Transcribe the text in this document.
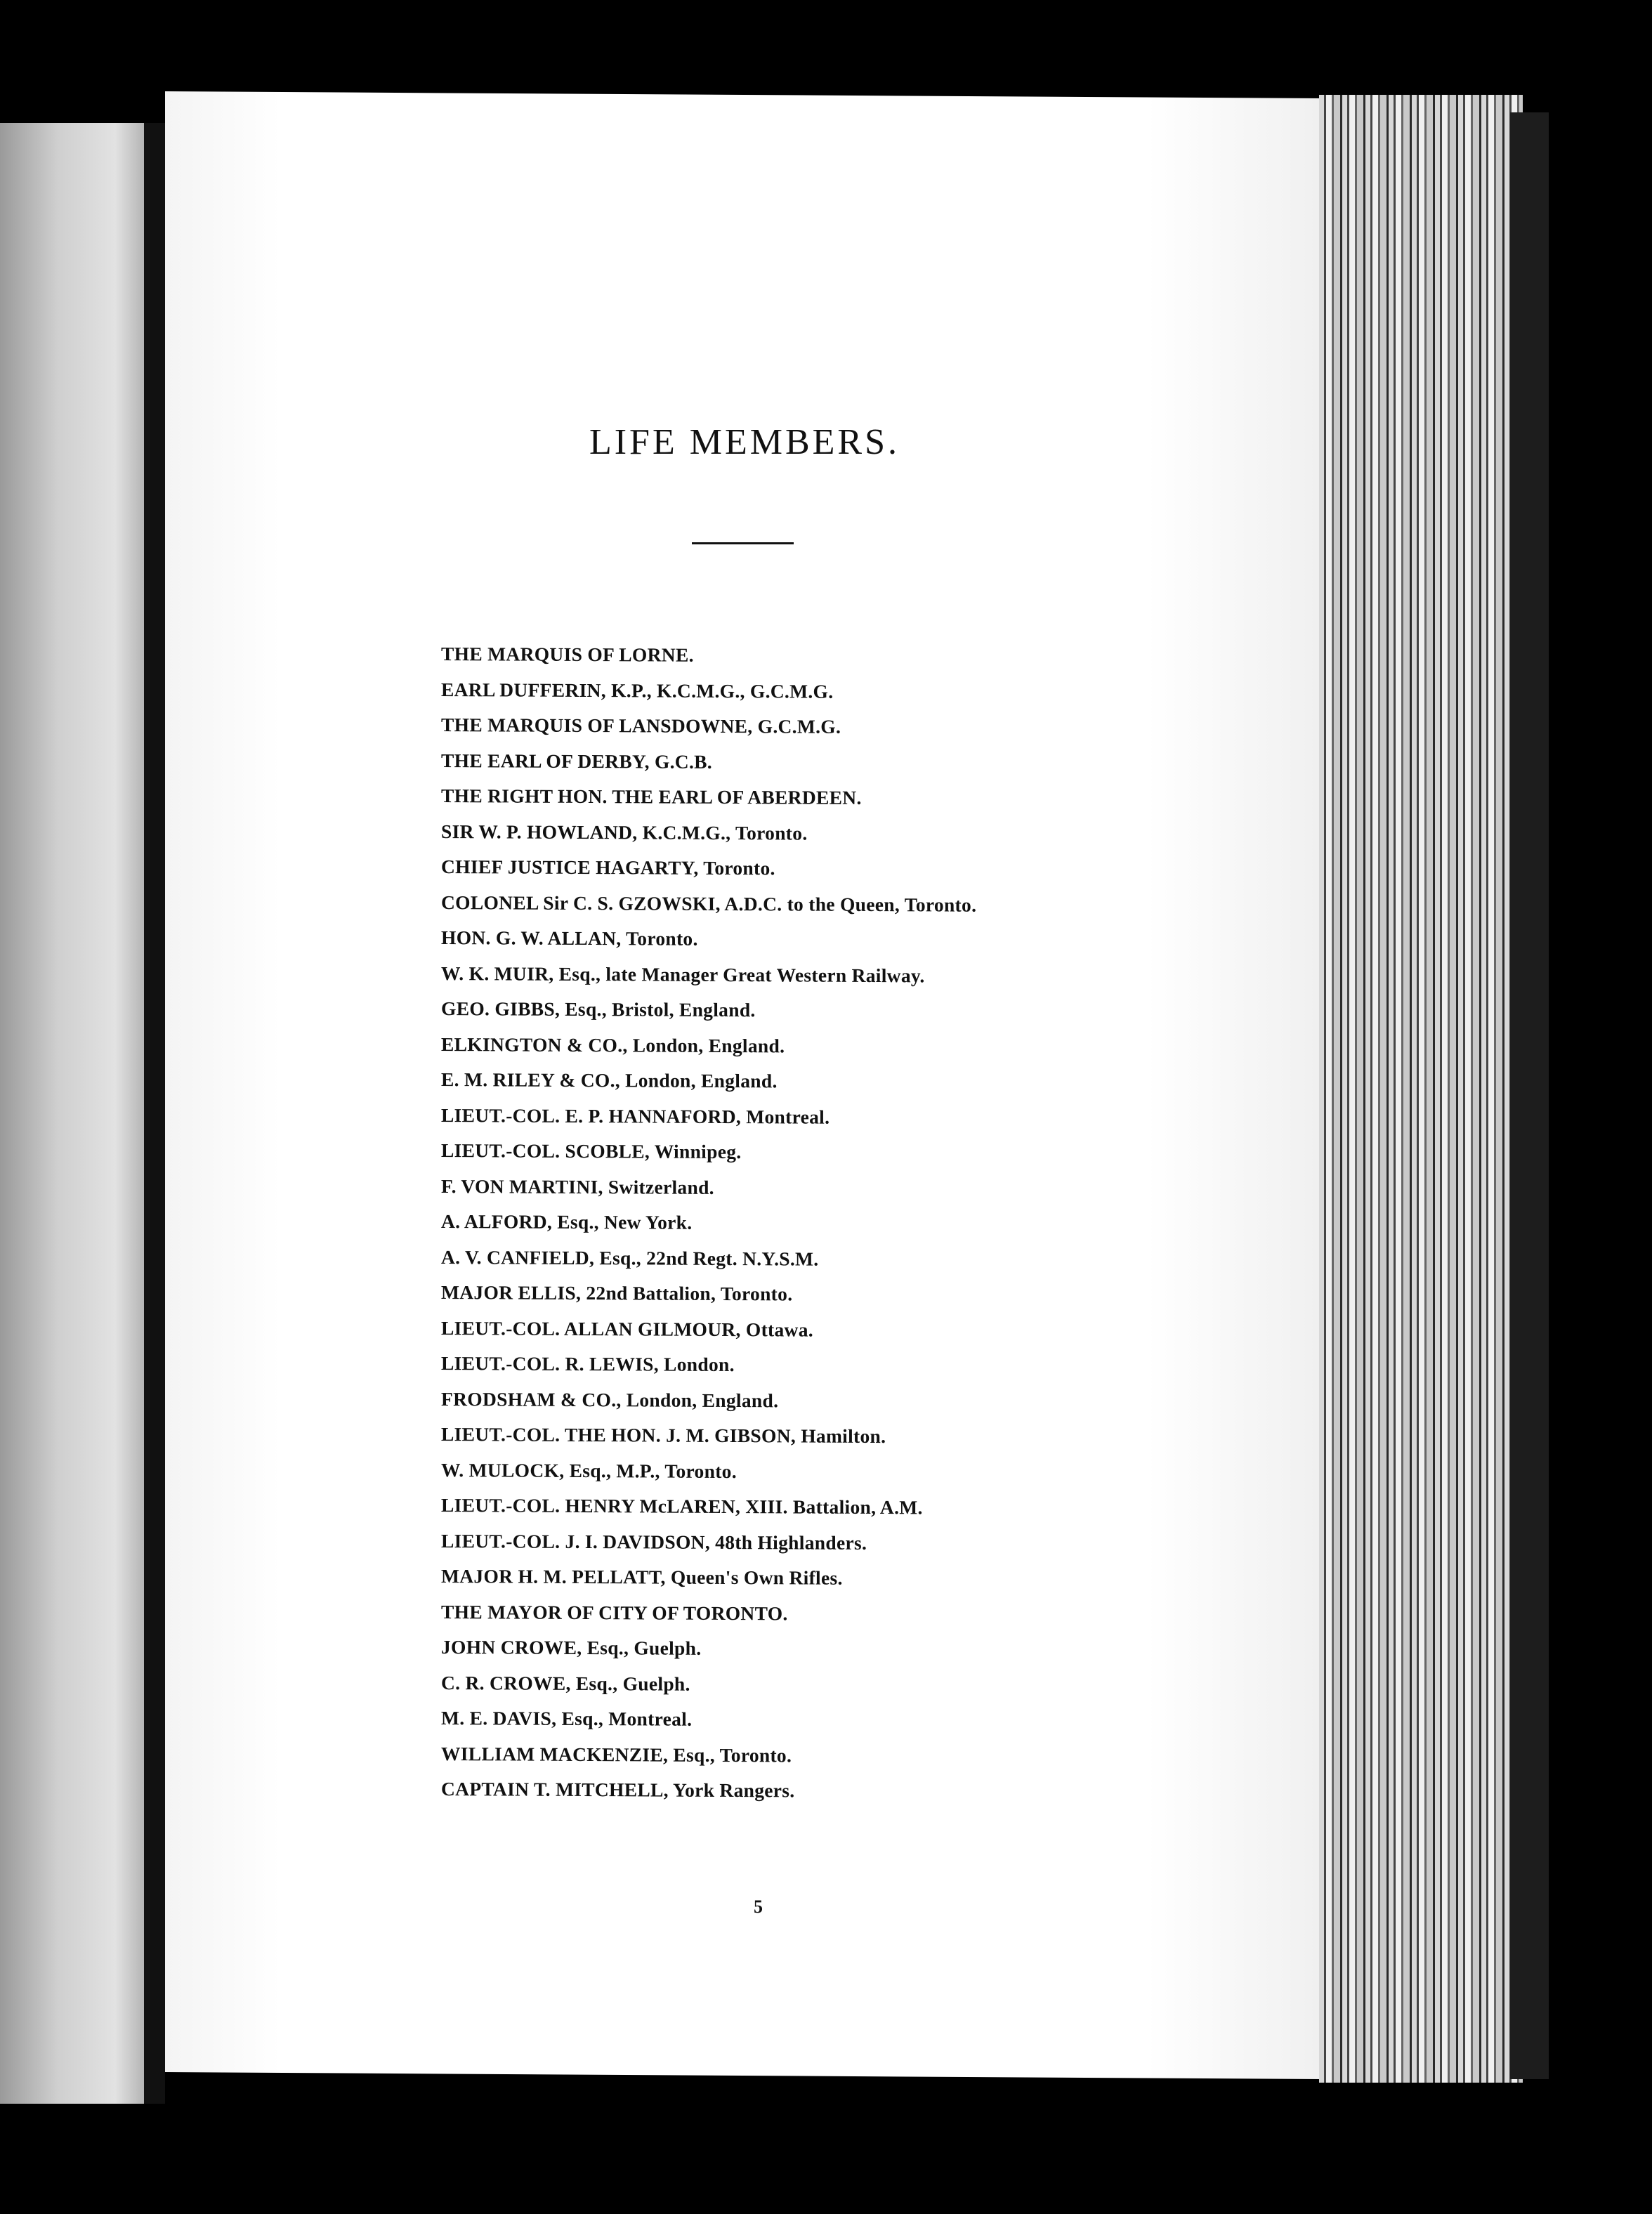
LIFE MEMBERS.
THE MARQUIS OF LORNE.
EARL DUFFERIN, K.P., K.C.M.G., G.C.M.G.
THE MARQUIS OF LANSDOWNE, G.C.M.G.
THE EARL OF DERBY, G.C.B.
THE RIGHT HON. THE EARL OF ABERDEEN.
SIR W. P. HOWLAND, K.C.M.G., Toronto.
CHIEF JUSTICE HAGARTY, Toronto.
COLONEL Sir C. S. GZOWSKI, A.D.C. to the Queen, Toronto.
HON. G. W. ALLAN, Toronto.
W. K. MUIR, Esq., late Manager Great Western Railway.
GEO. GIBBS, Esq., Bristol, England.
ELKINGTON & CO., London, England.
E. M. RILEY & CO., London, England.
LIEUT.-COL. E. P. HANNAFORD, Montreal.
LIEUT.-COL. SCOBLE, Winnipeg.
F. VON MARTINI, Switzerland.
A. ALFORD, Esq., New York.
A. V. CANFIELD, Esq., 22nd Regt. N.Y.S.M.
MAJOR ELLIS, 22nd Battalion, Toronto.
LIEUT.-COL. ALLAN GILMOUR, Ottawa.
LIEUT.-COL. R. LEWIS, London.
FRODSHAM & CO., London, England.
LIEUT.-COL. THE HON. J. M. GIBSON, Hamilton.
W. MULOCK, Esq., M.P., Toronto.
LIEUT.-COL. HENRY McLAREN, XIII. Battalion, A.M.
LIEUT.-COL. J. I. DAVIDSON, 48th Highlanders.
MAJOR H. M. PELLATT, Queen's Own Rifles.
THE MAYOR OF CITY OF TORONTO.
JOHN CROWE, Esq., Guelph.
C. R. CROWE, Esq., Guelph.
M. E. DAVIS, Esq., Montreal.
WILLIAM MACKENZIE, Esq., Toronto.
CAPTAIN T. MITCHELL, York Rangers.
5
